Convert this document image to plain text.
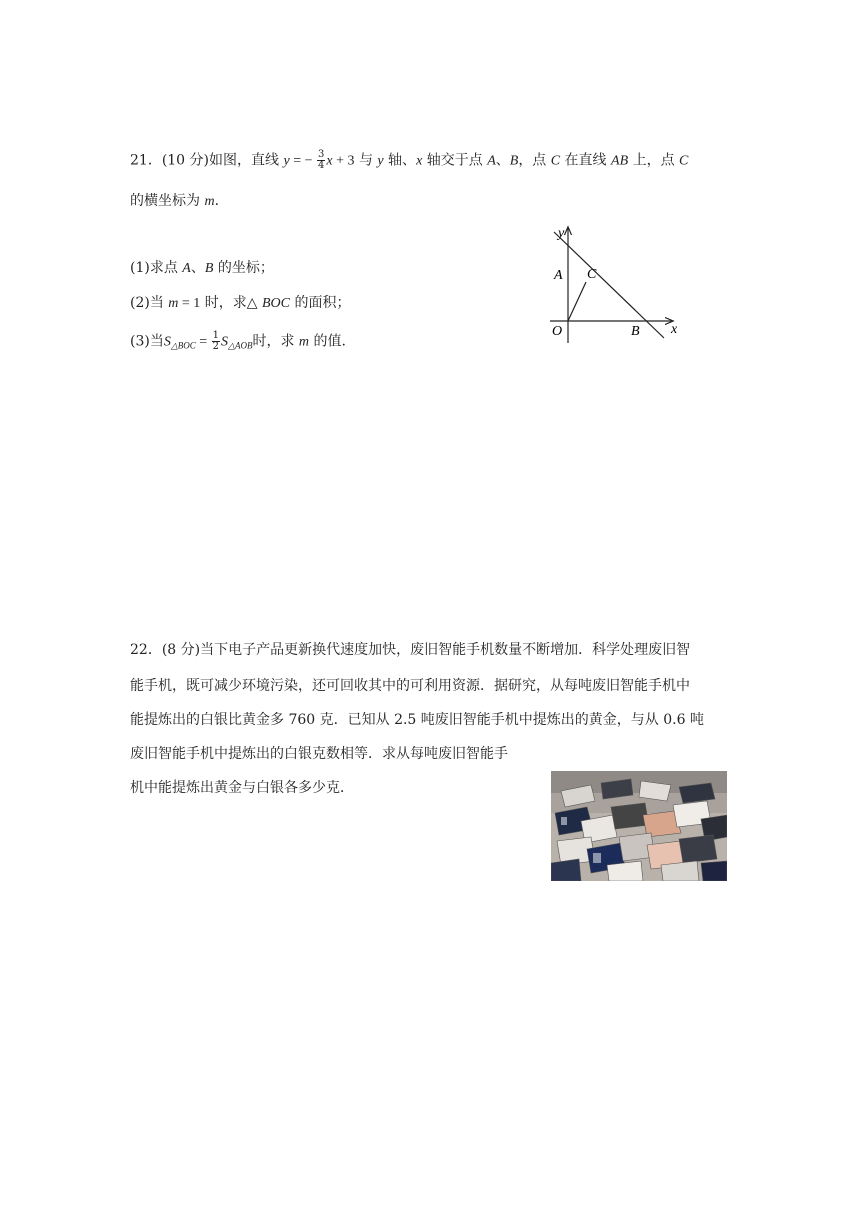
21．(10 分)如图，直线 y = − $\frac{3}{4}$ x + 3 与 y 轴、x 轴交于点 A、B，点 C 在直线 AB 上，点 C
的横坐标为 m.
(1)求点 A、B 的坐标；
(2)当 m = 1 时，求△ BOC 的面积；
(3)当$S_{\triangle BOC} = \frac{1}{2} S_{\triangle AOB}$时，求 m 的值.
y
x
A C
O	B
22．(8 分)当下电子产品更新换代速度加快，废旧智能手机数量不断增加．科学处理废旧智
能手机，既可减少环境污染，还可回收其中的可利用资源．据研究，从每吨废旧智能手机中
能提炼出的白银比黄金多 760 克．已知从 2.5 吨废旧智能手机中提炼出的黄金，与从 0.6 吨
废旧智能手机中提炼出的白银克数相等．求从每吨废旧智能手
机中能提炼出黄金与白银各多少克．
